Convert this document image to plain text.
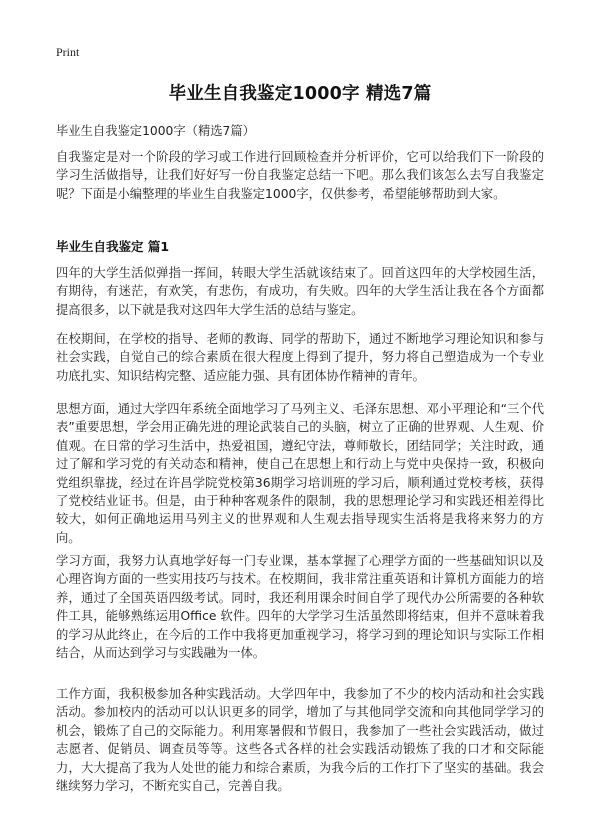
Print
毕业生自我鉴定1000字 精选7篇
毕业生自我鉴定1000字（精选7篇）

自我鉴定是对一个阶段的学习或工作进行回顾检查并分析评价，它可以给我们下一阶段的学习生活做指导，让我们好好写一份自我鉴定总结一下吧。那么我们该怎么去写自我鉴定呢？下面是小编整理的毕业生自我鉴定1000字，仅供参考，希望能够帮助到大家。

毕业生自我鉴定 篇1

四年的大学生活似弹指一挥间，转眼大学生活就该结束了。回首这四年的大学校园生活，有期待，有迷茫，有欢笑，有悲伤，有成功，有失败。四年的大学生活让我在各个方面都提高很多，以下就是我对这四年大学生活的总结与鉴定。

在校期间，在学校的指导、老师的教诲、同学的帮助下，通过不断地学习理论知识和参与社会实践，自觉自己的综合素质在很大程度上得到了提升，努力将自己塑造成为一个专业功底扎实、知识结构完整、适应能力强、具有团体协作精神的青年。

思想方面，通过大学四年系统全面地学习了马列主义、毛泽东思想、邓小平理论和“三个代表”重要思想，学会用正确先进的理论武装自己的头脑，树立了正确的世界观、人生观、价值观。在日常的学习生活中，热爱祖国，遵纪守法，尊师敬长，团结同学；关注时政，通过了解和学习党的有关动态和精神，使自己在思想上和行动上与党中央保持一致，积极向党组织靠拢，经过在许昌学院党校第36期学习培训班的学习后，顺利通过党校考核，获得了党校结业证书。但是，由于种种客观条件的限制，我的思想理论学习和实践还相差得比较大，如何正确地运用马列主义的世界观和人生观去指导现实生活将是我将来努力的方向。

学习方面，我努力认真地学好每一门专业课，基本掌握了心理学方面的一些基础知识以及心理咨询方面的一些实用技巧与技术。在校期间，我非常注重英语和计算机方面能力的培养，通过了全国英语四级考试。同时，我还利用课余时间自学了现代办公所需要的各种软件工具，能够熟练运用Office 软件。四年的大学学习生活虽然即将结束，但并不意味着我的学习从此终止，在今后的工作中我将更加重视学习，将学习到的理论知识与实际工作相结合，从而达到学习与实践融为一体。

工作方面，我积极参加各种实践活动。大学四年中，我参加了不少的校内活动和社会实践活动。参加校内的活动可以认识更多的同学，增加了与其他同学交流和向其他同学学习的机会，锻炼了自己的交际能力。利用寒暑假和节假日，我参加了一些社会实践活动，做过志愿者、促销员、调查员等等。这些各式各样的社会实践活动锻炼了我的口才和交际能力，大大提高了我为人处世的能力和综合素质，为我今后的工作打下了坚实的基础。我会继续努力学习，不断充实自己，完善自我。
